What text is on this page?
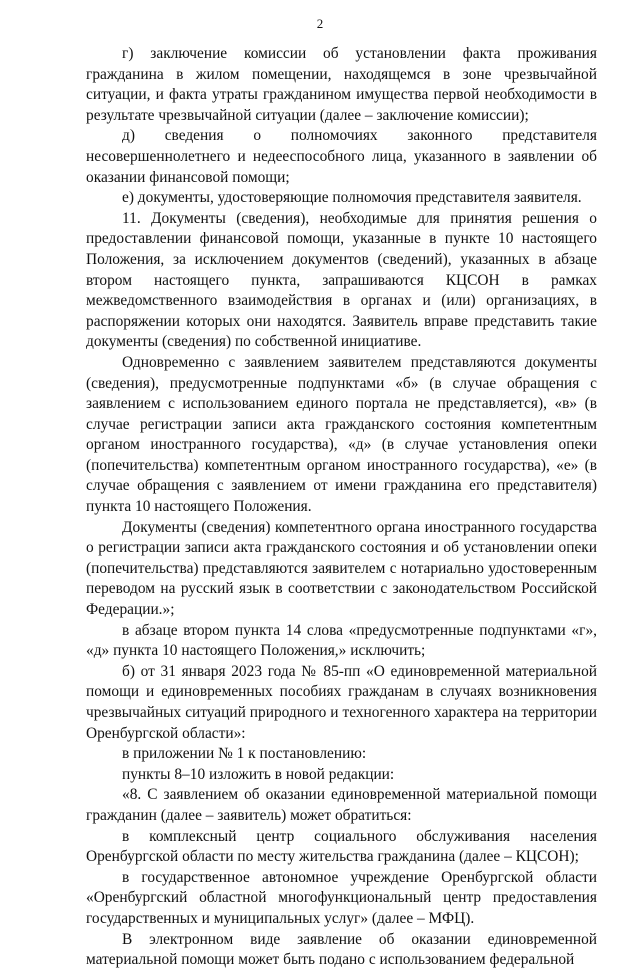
2

г) заключение комиссии об установлении факта проживания гражданина в жилом помещении, находящемся в зоне чрезвычайной ситуации, и факта утраты гражданином имущества первой необходимости в результате чрезвычайной ситуации (далее – заключение комиссии);

д) сведения о полномочиях законного представителя несовершеннолетнего и недееспособного лица, указанного в заявлении об оказании финансовой помощи;

е) документы, удостоверяющие полномочия представителя заявителя.

11. Документы (сведения), необходимые для принятия решения о предоставлении финансовой помощи, указанные в пункте 10 настоящего Положения, за исключением документов (сведений), указанных в абзаце втором настоящего пункта, запрашиваются КЦСОН в рамках межведомственного взаимодействия в органах и (или) организациях, в распоряжении которых они находятся. Заявитель вправе представить такие документы (сведения) по собственной инициативе.

Одновременно с заявлением заявителем представляются документы (сведения), предусмотренные подпунктами «б» (в случае обращения с заявлением с использованием единого портала не представляется), «в» (в случае регистрации записи акта гражданского состояния компетентным органом иностранного государства), «д» (в случае установления опеки (попечительства) компетентным органом иностранного государства), «е» (в случае обращения с заявлением от имени гражданина его представителя) пункта 10 настоящего Положения.

Документы (сведения) компетентного органа иностранного государства о регистрации записи акта гражданского состояния и об установлении опеки (попечительства) представляются заявителем с нотариально удостоверенным переводом на русский язык в соответствии с законодательством Российской Федерации.»;

в абзаце втором пункта 14 слова «предусмотренные подпунктами «г», «д» пункта 10 настоящего Положения,» исключить;

б) от 31 января 2023 года № 85-пп «О единовременной материальной помощи и единовременных пособиях гражданам в случаях возникновения чрезвычайных ситуаций природного и техногенного характера на территории Оренбургской области»:

в приложении № 1 к постановлению:

пункты 8–10 изложить в новой редакции:

«8. С заявлением об оказании единовременной материальной помощи гражданин (далее – заявитель) может обратиться:

в комплексный центр социального обслуживания населения Оренбургской области по месту жительства гражданина (далее – КЦСОН);

в государственное автономное учреждение Оренбургской области «Оренбургский областной многофункциональный центр предоставления государственных и муниципальных услуг» (далее – МФЦ).

В электронном виде заявление об оказании единовременной материальной помощи может быть подано с использованием федеральной
